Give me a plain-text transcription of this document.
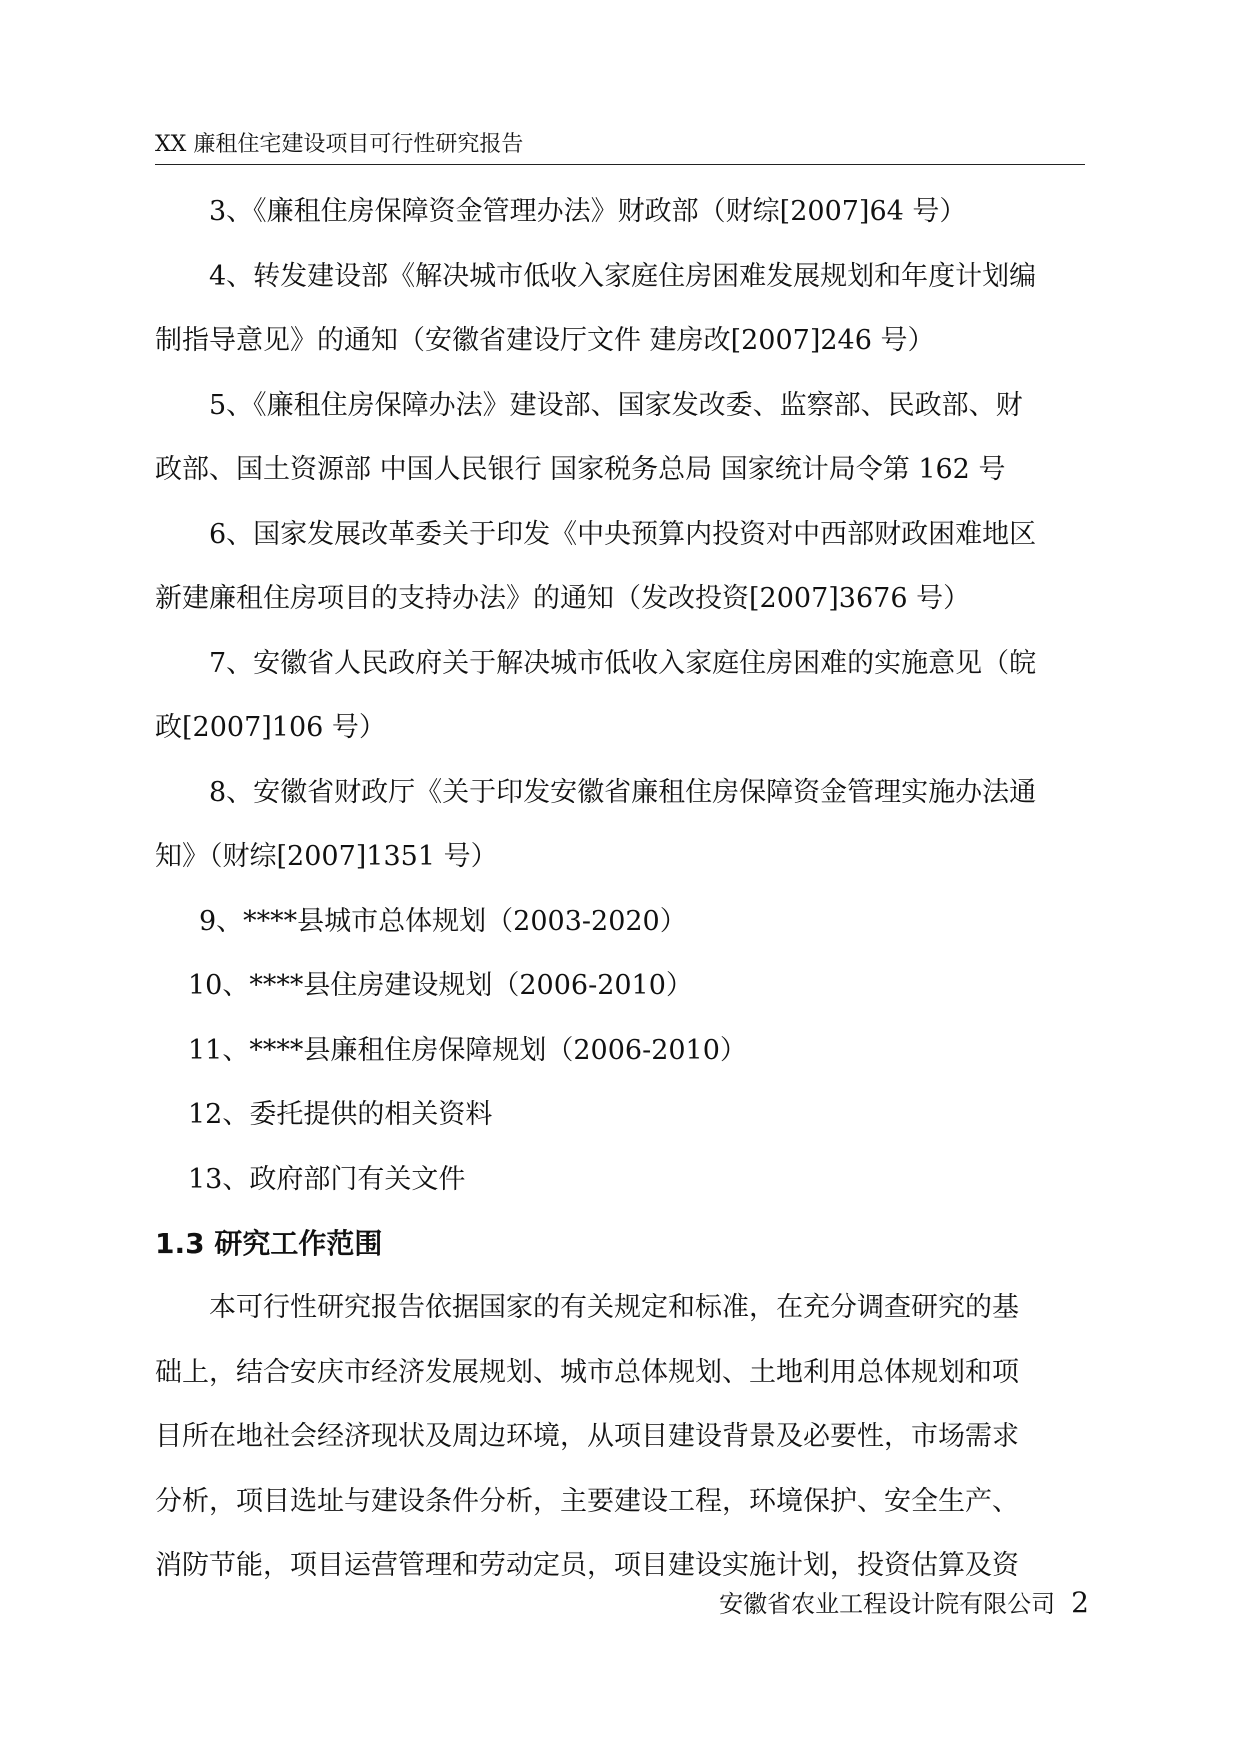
XX 廉租住宅建设项目可行性研究报告

3、《廉租住房保障资金管理办法》财政部（财综[2007]64 号）

4、转发建设部《解决城市低收入家庭住房困难发展规划和年度计划编

制指导意见》的通知（安徽省建设厅文件 建房改[2007]246 号）

5、《廉租住房保障办法》建设部、国家发改委、监察部、民政部、财

政部、国土资源部 中国人民银行 国家税务总局 国家统计局令第 162 号

6、国家发展改革委关于印发《中央预算内投资对中西部财政困难地区

新建廉租住房项目的支持办法》的通知（发改投资[2007]3676 号）

7、安徽省人民政府关于解决城市低收入家庭住房困难的实施意见（皖

政[2007]106 号）

8、安徽省财政厅《关于印发安徽省廉租住房保障资金管理实施办法通

知》（财综[2007]1351 号）

9、****县城市总体规划（2003-2020）

10、****县住房建设规划（2006-2010）

11、****县廉租住房保障规划（2006-2010）

12、委托提供的相关资料

13、政府部门有关文件

1.3 研究工作范围

本可行性研究报告依据国家的有关规定和标准，在充分调查研究的基

础上，结合安庆市经济发展规划、城市总体规划、土地利用总体规划和项

目所在地社会经济现状及周边环境，从项目建设背景及必要性，市场需求

分析，项目选址与建设条件分析，主要建设工程，环境保护、安全生产、

消防节能，项目运营管理和劳动定员，项目建设实施计划，投资估算及资

安徽省农业工程设计院有限公司 2
